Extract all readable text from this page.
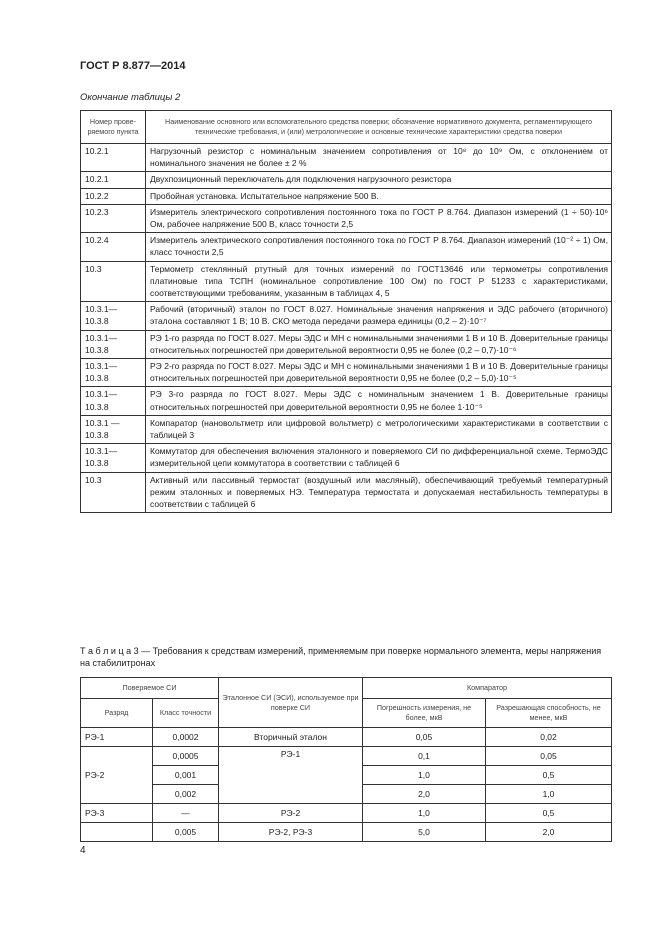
ГОСТ Р 8.877—2014
Окончание таблицы 2
Номер прове- ряемого пункта	Наименование основного или вспомогательного средства поверки; обозначение нормативного документа, регламентирующего технические требования, и (или) метрологические и основные технические характеристики средства поверки
10.2.1	Нагрузочный резистор с номинальным значением сопротивления от 10⁸ до 10⁹ Ом, с отклонением от номинального значения не более ± 2 %
10.2.1	Двухпозиционный переключатель для подключения нагрузочного резистора
10.2.2	Пробойная установка. Испытательное напряжение 500 В.
10.2.3	Измеритель электрического сопротивления постоянного тока по ГОСТ Р 8.764. Диапазон измерений (1 ÷ 50)·10⁶ Ом, рабочее напряжение 500 В, класс точности 2,5
10.2.4	Измеритель электрического сопротивления постоянного тока по ГОСТ Р 8.764. Диапазон измерений (10⁻² ÷ 1) Ом, класс точности 2,5
10.3	Термометр стеклянный ртутный для точных измерений по ГОСТ13646 или термометры сопротивления платиновые типа ТСПН (номинальное сопротивление 100 Ом) по ГОСТ Р 51233 с характеристиками, соответствующими требованиям, указанным в таблицах 4, 5
10.3.1— 10.3.8	Рабочий (вторичный) эталон по ГОСТ 8.027. Номинальные значения напряжения и ЭДС рабочего (вторичного) эталона составляют 1 В; 10 В. СКО метода передачи размера единицы (0,2 – 2)·10⁻⁷
10.3.1— 10.3.8	РЭ 1-го разряда по ГОСТ 8.027. Меры ЭДС и МН с номинальными значениями 1 В и 10 В. Доверительные границы относительных погрешностей при доверительной вероятности 0,95 не более (0,2 – 0,7)·10⁻⁶
10.3.1— 10.3.8	РЭ 2-го разряда по ГОСТ 8.027. Меры ЭДС и МН с номинальными значениями 1 В и 10 В. Доверительные границы относительных погрешностей при доверительной вероятности 0,95 не более (0,2 – 5,0)·10⁻⁵
10.3.1— 10.3.8	РЭ 3-го разряда по ГОСТ 8.027. Меры ЭДС с номинальным значением 1 В. Доверительные границы относительных погрешностей при доверительной вероятности 0,95 не более 1·10⁻⁵
10.3.1 — 10.3.8	Компаратор (нановольтметр или цифровой вольтметр) с метрологическими характеристиками в соответствии с таблицей 3
10.3.1— 10.3.8	Коммутатор для обеспечения включения эталонного и поверяемого СИ по дифференциальной схеме. ТермоЭДС измерительной цепи коммутатора в соответствии с таблицей 6
10.3	Активный или пассивный термостат (воздушный или масляный), обеспечивающий требуемый температурный режим эталонных и поверяемых НЭ. Температура термостата и допускаемая нестабильность температуры в соответствии с таблицей 6
Т а б л и ц а 3 — Требования к средствам измерений, применяемым при поверке нормального элемента, меры напряжения на стабилитронах
Поверяемое СИ		Эталонное СИ (ЭСИ), используемое при поверке СИ	Компаратор	
Разряд	Класс точности		Погрешность измерения, не более, мкВ	Разрешающая способность, не менее, мкВ
РЭ-1	0,0002	Вторичный эталон	0,05	0,02
РЭ-2	0,0005	РЭ-1	0,1	0,05
	0,001		1,0	0,5
	0,002		2,0	1,0
РЭ-3	—	РЭ-2	1,0	0,5
	0,005	РЭ-2, РЭ-3	5,0	2,0
4
